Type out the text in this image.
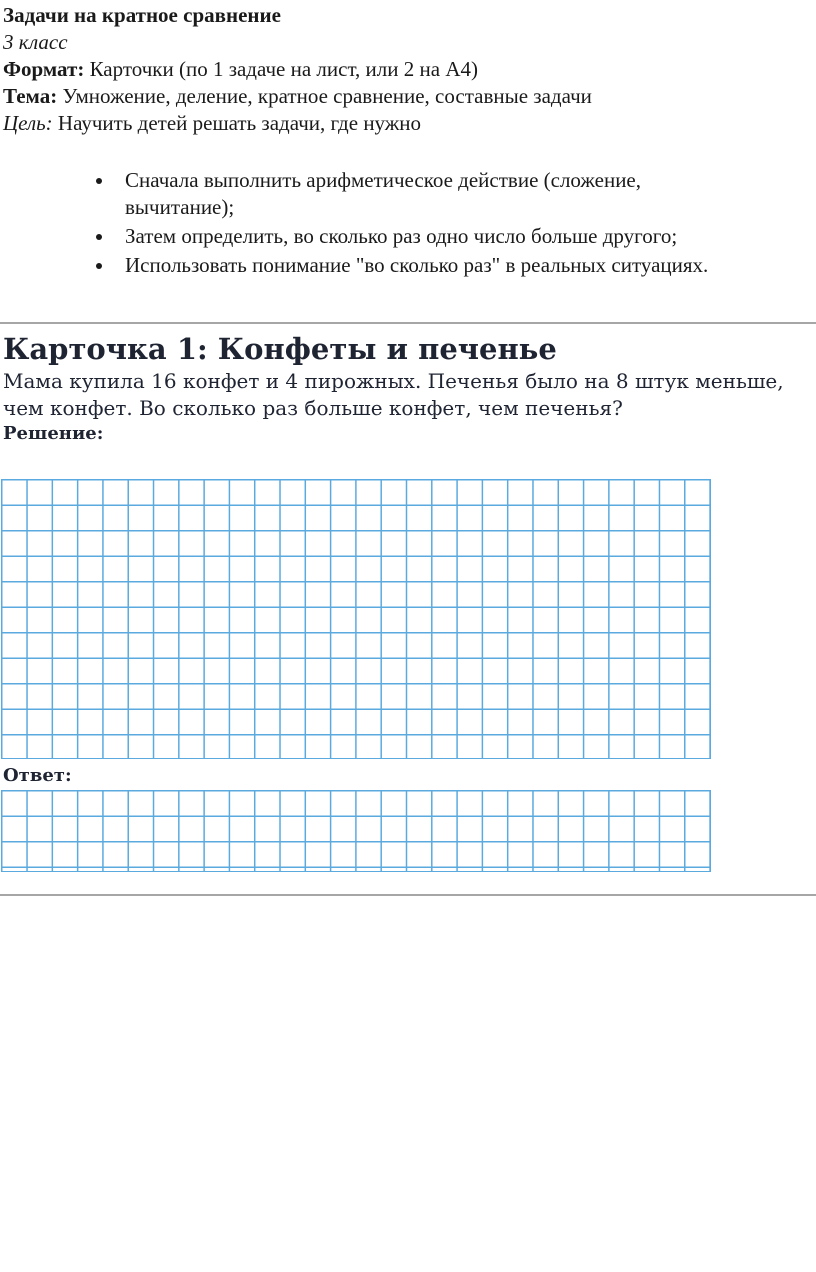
Задачи на кратное сравнение
3 класс
Формат: Карточки (по 1 задаче на лист, или 2 на А4)
Тема: Умножение, деление, кратное сравнение, составные задачи
Цель: Научить детей решать задачи, где нужно
Сначала выполнить арифметическое действие (сложение, вычитание);
Затем определить, во сколько раз одно число больше другого;
Использовать понимание "во сколько раз" в реальных ситуациях.
Карточка 1: Конфеты и печенье
Мама купила 16 конфет и 4 пирожных. Печенья было на 8 штук меньше,
чем конфет. Во сколько раз больше конфет, чем печенья?
Решение:
Ответ:
